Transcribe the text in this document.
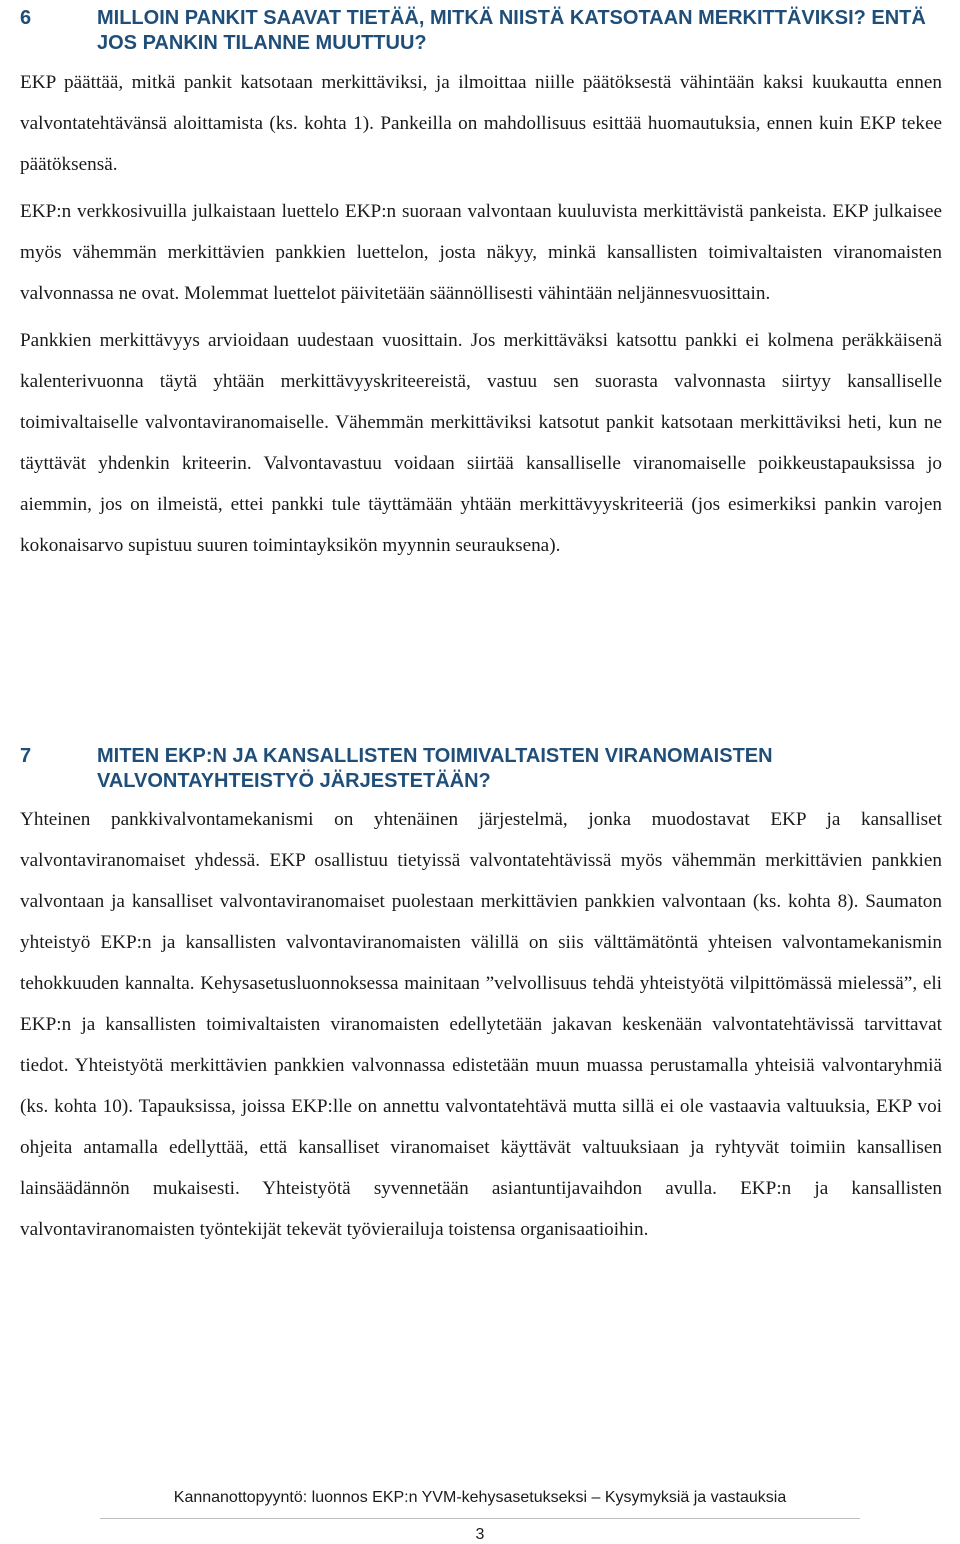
6	MILLOIN PANKIT SAAVAT TIETÄÄ, MITKÄ NIISTÄ KATSOTAAN MERKITTÄVIKSI? ENTÄ JOS PANKIN TILANNE MUUTTUU?

EKP päättää, mitkä pankit katsotaan merkittäviksi, ja ilmoittaa niille päätöksestä vähintään kaksi kuukautta ennen valvontatehtävänsä aloittamista (ks. kohta 1). Pankeilla on mahdollisuus esittää huomautuksia, ennen kuin EKP tekee päätöksensä.

EKP:n verkkosivuilla julkaistaan luettelo EKP:n suoraan valvontaan kuuluvista merkittävistä pankeista. EKP julkaisee myös vähemmän merkittävien pankkien luettelon, josta näkyy, minkä kansallisten toimivaltaisten viranomaisten valvonnassa ne ovat. Molemmat luettelot päivitetään säännöllisesti vähintään neljännesvuosittain.

Pankkien merkittävyys arvioidaan uudestaan vuosittain. Jos merkittäväksi katsottu pankki ei kolmena peräkkäisenä kalenterivuonna täytä yhtään merkittävyyskriteereistä, vastuu sen suorasta valvonnasta siirtyy kansalliselle toimivaltaiselle valvontaviranomaiselle. Vähemmän merkittäviksi katsotut pankit katsotaan merkittäviksi heti, kun ne täyttävät yhdenkin kriteerin. Valvontavastuu voidaan siirtää kansalliselle viranomaiselle poikkeustapauksissa jo aiemmin, jos on ilmeistä, ettei pankki tule täyttämään yhtään merkittävyyskriteeriä (jos esimerkiksi pankin varojen kokonaisarvo supistuu suuren toimintayksikön myynnin seurauksena).

7	MITEN EKP:N JA KANSALLISTEN TOIMIVALTAISTEN VIRANOMAISTEN VALVONTAYHTEISTYÖ JÄRJESTETÄÄN?

Yhteinen pankkivalvontamekanismi on yhtenäinen järjestelmä, jonka muodostavat EKP ja kansalliset valvontaviranomaiset yhdessä. EKP osallistuu tietyissä valvontatehtävissä myös vähemmän merkittävien pankkien valvontaan ja kansalliset valvontaviranomaiset puolestaan merkittävien pankkien valvontaan (ks. kohta 8). Saumaton yhteistyö EKP:n ja kansallisten valvontaviranomaisten välillä on siis välttämätöntä yhteisen valvontamekanismin tehokkuuden kannalta. Kehysasetusluonnoksessa mainitaan ”velvollisuus tehdä yhteistyötä vilpittömässä mielessä”, eli EKP:n ja kansallisten toimivaltaisten viranomaisten edellytetään jakavan keskenään valvontatehtävissä tarvittavat tiedot. Yhteistyötä merkittävien pankkien valvonnassa edistetään muun muassa perustamalla yhteisiä valvontaryhmiä (ks. kohta 10). Tapauksissa, joissa EKP:lle on annettu valvontatehtävä mutta sillä ei ole vastaavia valtuuksia, EKP voi ohjeita antamalla edellyttää, että kansalliset viranomaiset käyttävät valtuuksiaan ja ryhtyvät toimiin kansallisen lainsäädännön mukaisesti. Yhteistyötä syvennetään asiantuntijavaihdon avulla. EKP:n ja kansallisten valvontaviranomaisten työntekijät tekevät työvierailuja toistensa organisaatioihin.

Kannanottopyyntö: luonnos EKP:n YVM-kehysasetukseksi – Kysymyksiä ja vastauksia
3
